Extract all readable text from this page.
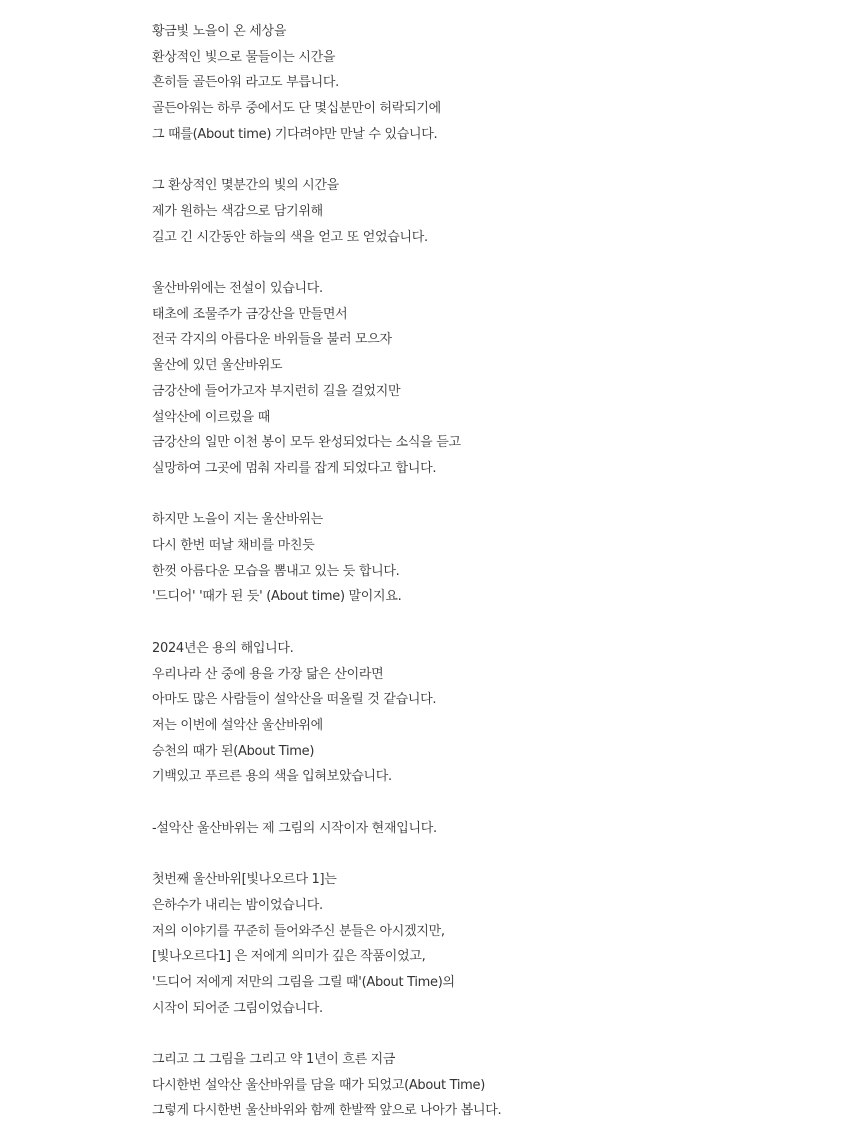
황금빛 노을이 온 세상을
환상적인 빛으로 물들이는 시간을
흔히들 골든아워 라고도 부릅니다.
골든아워는 하루 중에서도 단 몇십분만이 허락되기에
그 때를(About time) 기다려야만 만날 수 있습니다.
그 환상적인 몇분간의 빛의 시간을
제가 원하는 색감으로 담기위해
길고 긴 시간동안 하늘의 색을 얻고 또 얻었습니다.
울산바위에는 전설이 있습니다.
태초에 조물주가 금강산을 만들면서
전국 각지의 아름다운 바위들을 불러 모으자
울산에 있던 울산바위도
금강산에 들어가고자 부지런히 길을 걸었지만
설악산에 이르렀을 때
금강산의 일만 이천 봉이 모두 완성되었다는 소식을 듣고
실망하여 그곳에 멈춰 자리를 잡게 되었다고 합니다.
하지만 노을이 지는 울산바위는
다시 한번 떠날 채비를 마친듯
한껏 아름다운 모습을 뽐내고 있는 듯 합니다.
'드디어' '때가 된 듯' (About time) 말이지요.
2024년은 용의 해입니다.
우리나라 산 중에 용을 가장 닮은 산이라면
아마도 많은 사람들이 설악산을 떠올릴 것 같습니다.
저는 이번에 설악산 울산바위에
승천의 때가 된(About Time)
기백있고 푸르른 용의 색을 입혀보았습니다.
-설악산 울산바위는 제 그림의 시작이자 현재입니다.
첫번째 울산바위[빛나오르다 1]는
은하수가 내리는 밤이었습니다.
저의 이야기를 꾸준히 들어와주신 분들은 아시겠지만,
[빛나오르다1] 은 저에게 의미가 깊은 작품이었고,
'드디어 저에게 저만의 그림을 그릴 때'(About Time)의
시작이 되어준 그림이었습니다.
그리고 그 그림을 그리고 약 1년이 흐른 지금
다시한번 설악산 울산바위를 담을 때가 되었고(About Time)
그렇게 다시한번 울산바위와 함께 한발짝 앞으로 나아가 봅니다.
